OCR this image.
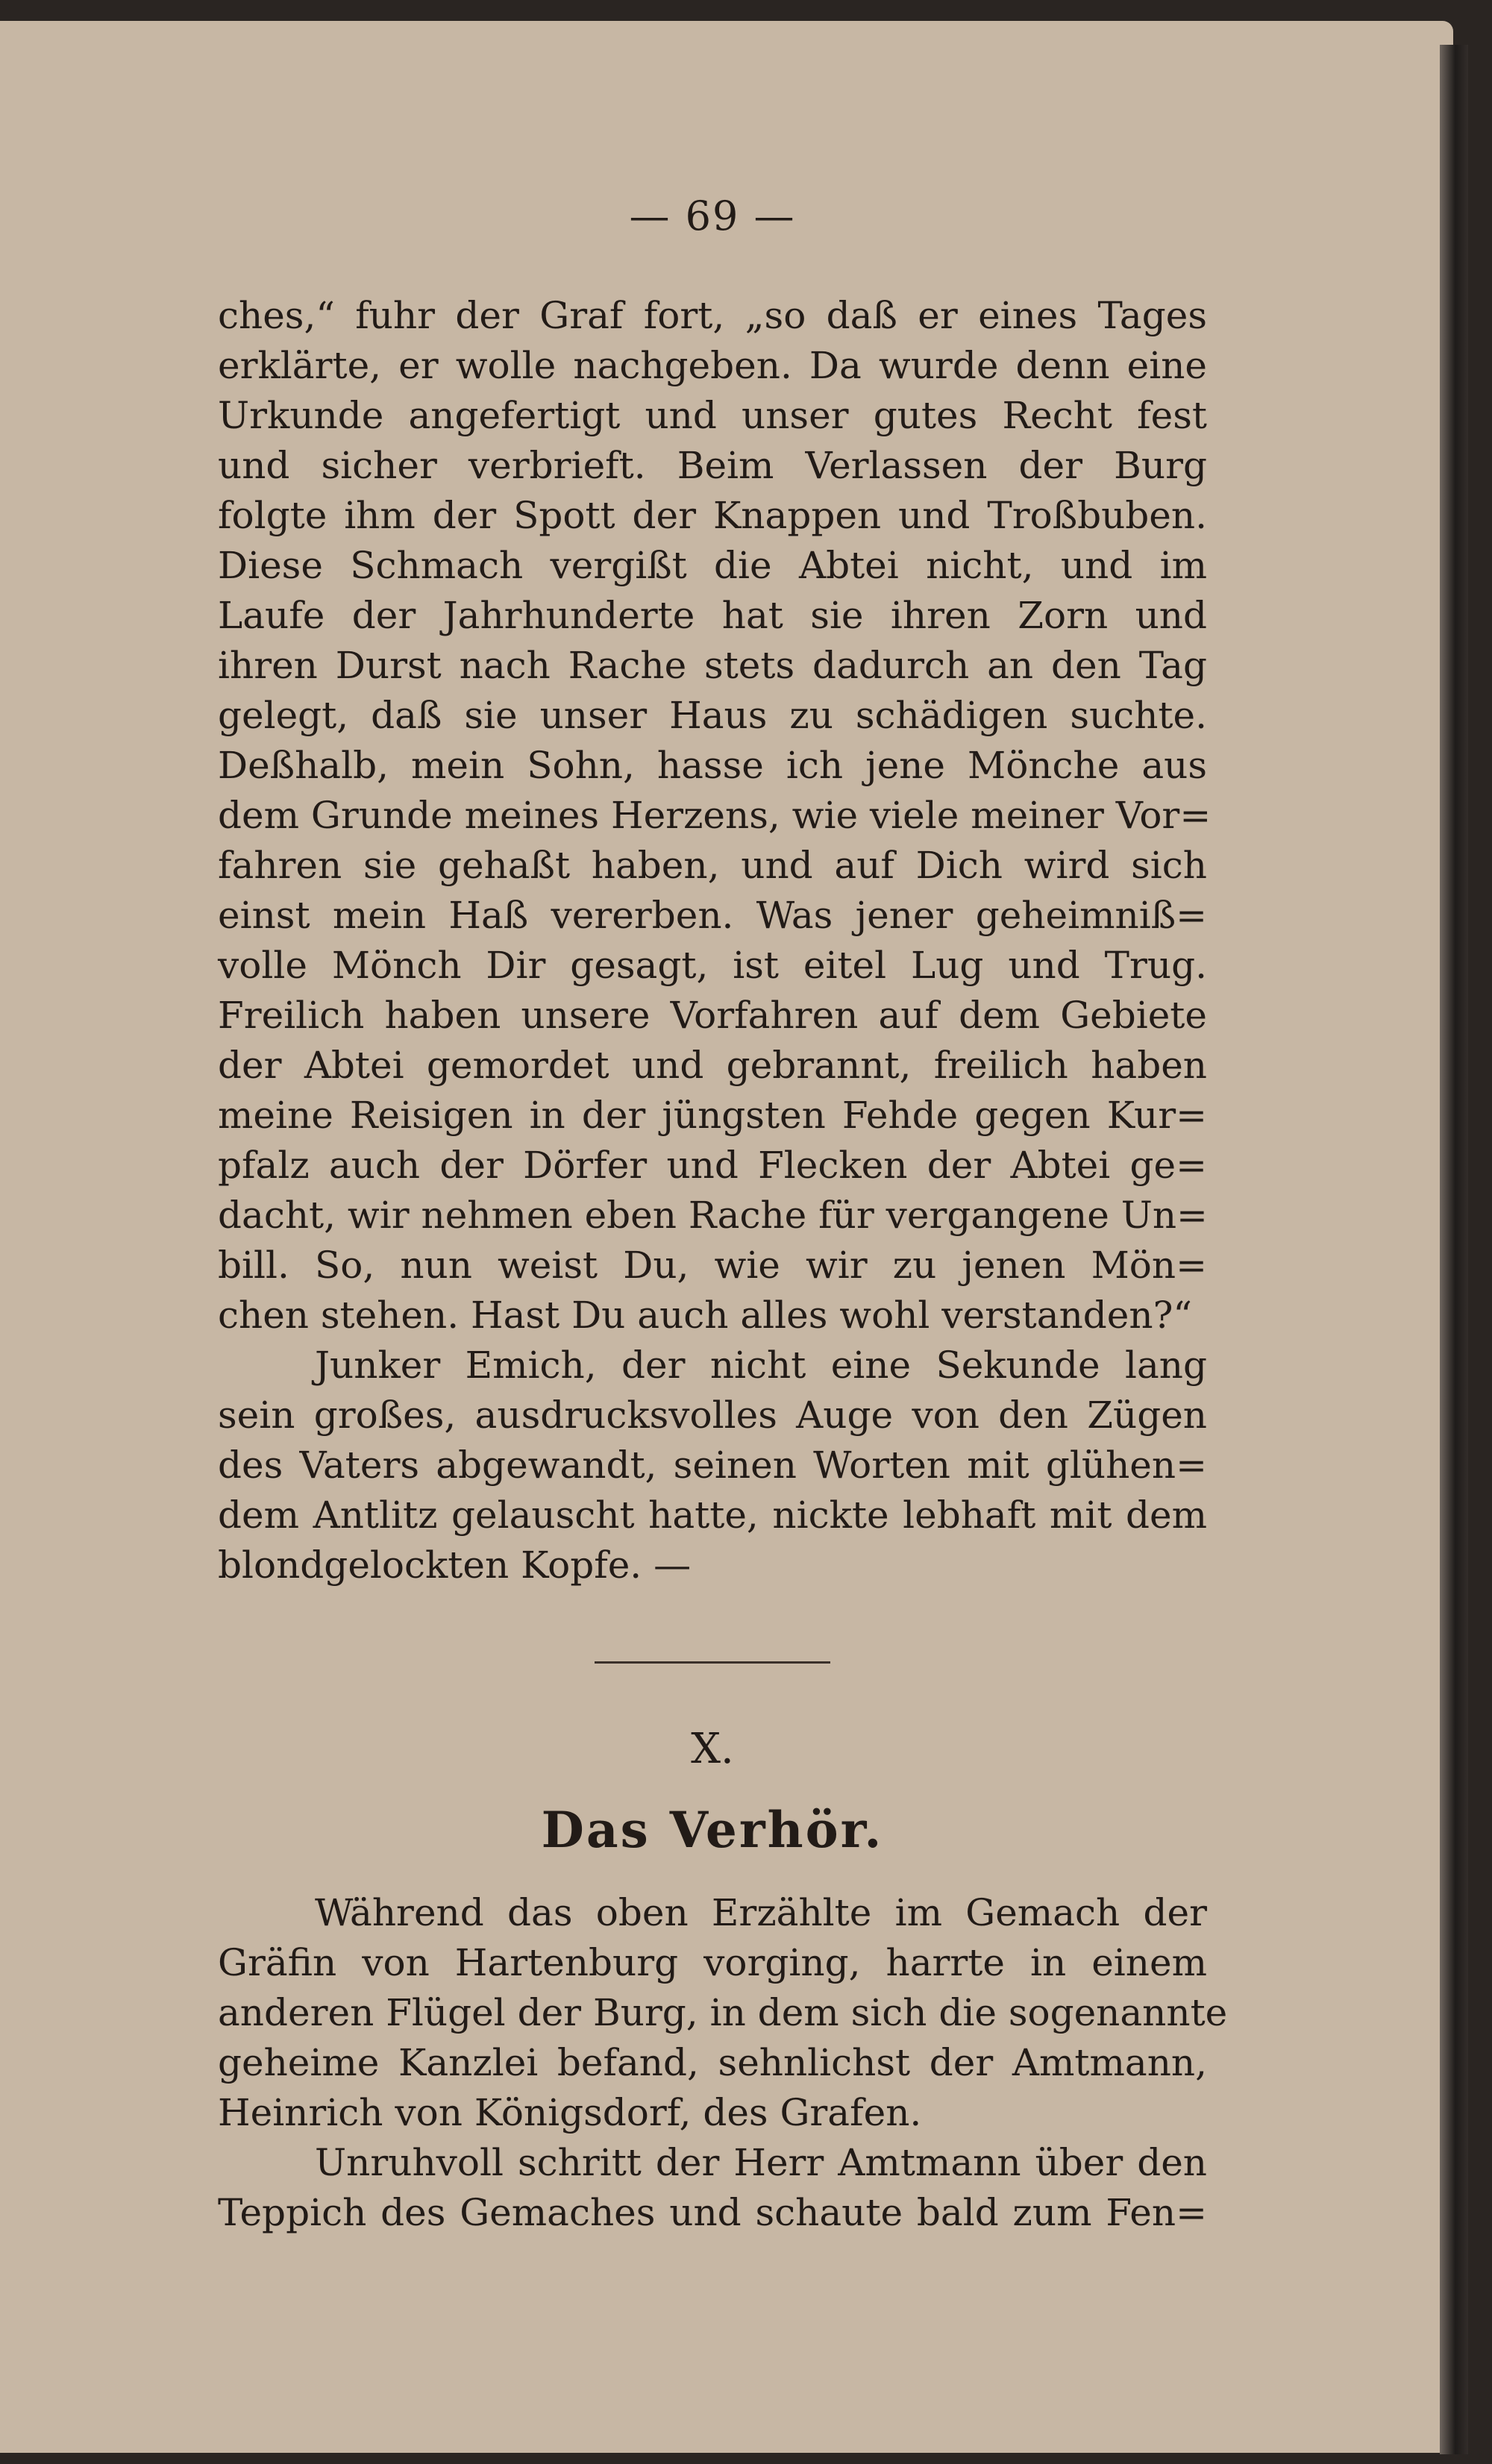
— 69 —
ches,“ fuhr der Graf fort, „so daß er eines Tages
erklärte, er wolle nachgeben. Da wurde denn eine
Urkunde angefertigt und unser gutes Recht fest
und sicher verbrieft. Beim Verlassen der Burg
folgte ihm der Spott der Knappen und Troßbuben.
Diese Schmach vergißt die Abtei nicht, und im
Laufe der Jahrhunderte hat sie ihren Zorn und
ihren Durst nach Rache stets dadurch an den Tag
gelegt, daß sie unser Haus zu schädigen suchte.
Deßhalb, mein Sohn, hasse ich jene Mönche aus
dem Grunde meines Herzens, wie viele meiner Vor=
fahren sie gehaßt haben, und auf Dich wird sich
einst mein Haß vererben. Was jener geheimniß=
volle Mönch Dir gesagt, ist eitel Lug und Trug.
Freilich haben unsere Vorfahren auf dem Gebiete
der Abtei gemordet und gebrannt, freilich haben
meine Reisigen in der jüngsten Fehde gegen Kur=
pfalz auch der Dörfer und Flecken der Abtei ge=
dacht, wir nehmen eben Rache für vergangene Un=
bill. So, nun weist Du, wie wir zu jenen Mön=
chen stehen. Hast Du auch alles wohl verstanden?“
Junker Emich, der nicht eine Sekunde lang
sein großes, ausdrucksvolles Auge von den Zügen
des Vaters abgewandt, seinen Worten mit glühen=
dem Antlitz gelauscht hatte, nickte lebhaft mit dem
blondgelockten Kopfe. —
X.
Das Verhör.
Während das oben Erzählte im Gemach der
Gräfin von Hartenburg vorging, harrte in einem
anderen Flügel der Burg, in dem sich die sogenannte
geheime Kanzlei befand, sehnlichst der Amtmann,
Heinrich von Königsdorf, des Grafen.
Unruhvoll schritt der Herr Amtmann über den
Teppich des Gemaches und schaute bald zum Fen=
